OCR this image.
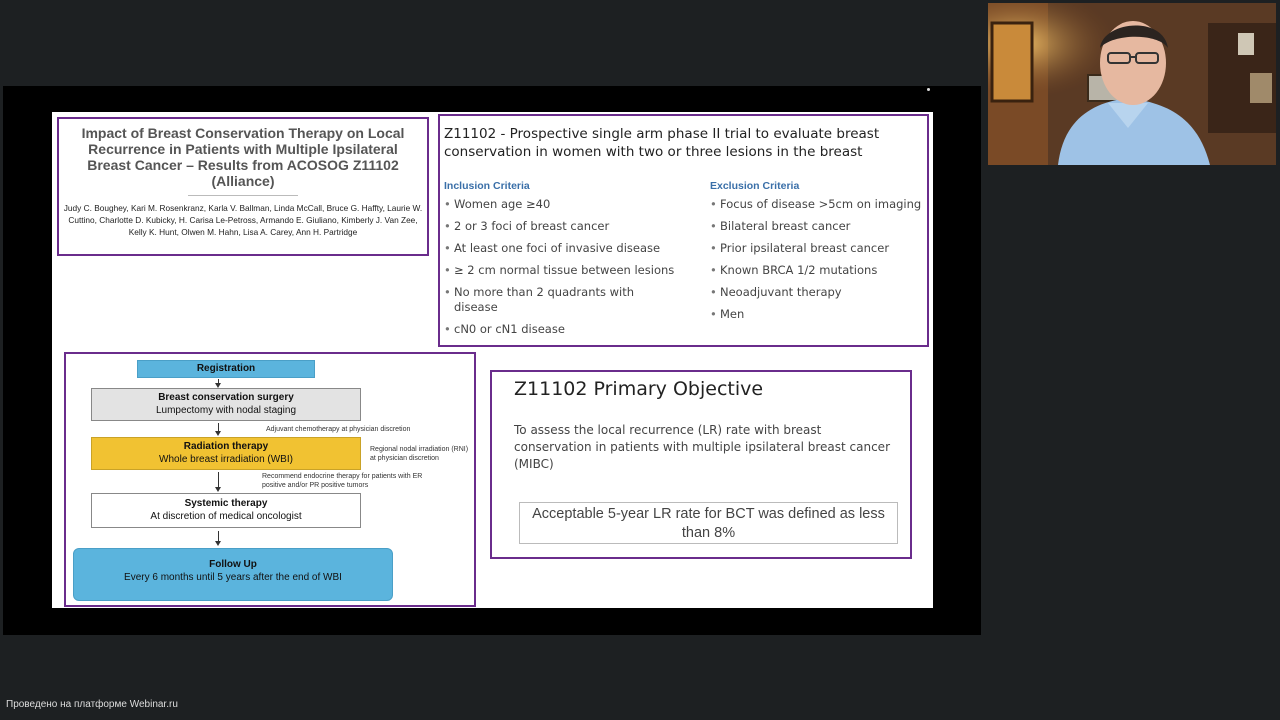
Impact of Breast Conservation Therapy on Local Recurrence in Patients with Multiple Ipsilateral Breast Cancer – Results from ACOSOG Z11102 (Alliance)
Judy C. Boughey, Kari M. Rosenkranz, Karla V. Ballman, Linda McCall, Bruce G. Haffty, Laurie W. Cuttino, Charlotte D. Kubicky, H. Carisa Le-Petross, Armando E. Giuliano, Kimberly J. Van Zee, Kelly K. Hunt, Olwen M. Hahn, Lisa A. Carey, Ann H. Partridge
Z11102 - Prospective single arm phase II trial to evaluate breast conservation in women with two or three lesions in the breast
Inclusion Criteria
• Women age ≥40
• 2 or 3 foci of breast cancer
• At least one foci of invasive disease
• ≥ 2 cm normal tissue between lesions
• No more than 2 quadrants with disease
• cN0 or cN1 disease
Exclusion Criteria
• Focus of disease >5cm on imaging
• Bilateral breast cancer
• Prior ipsilateral breast cancer
• Known BRCA 1/2 mutations
• Neoadjuvant therapy
• Men
Registration
Breast conservation surgery
Lumpectomy with nodal staging
Adjuvant chemotherapy at physician discretion
Radiation therapy
Whole breast irradiation (WBI)
Regional nodal irradiation (RNI) at physician discretion
Recommend endocrine therapy for patients with ER positive and/or PR positive tumors
Systemic therapy
At discretion of medical oncologist
Follow Up
Every 6 months until 5 years after the end of WBI
Z11102 Primary Objective
To assess the local recurrence (LR) rate with breast conservation in patients with multiple ipsilateral breast cancer (MIBC)
Acceptable 5-year LR rate for BCT was defined as less than 8%
Проведено на платформе Webinar.ru
